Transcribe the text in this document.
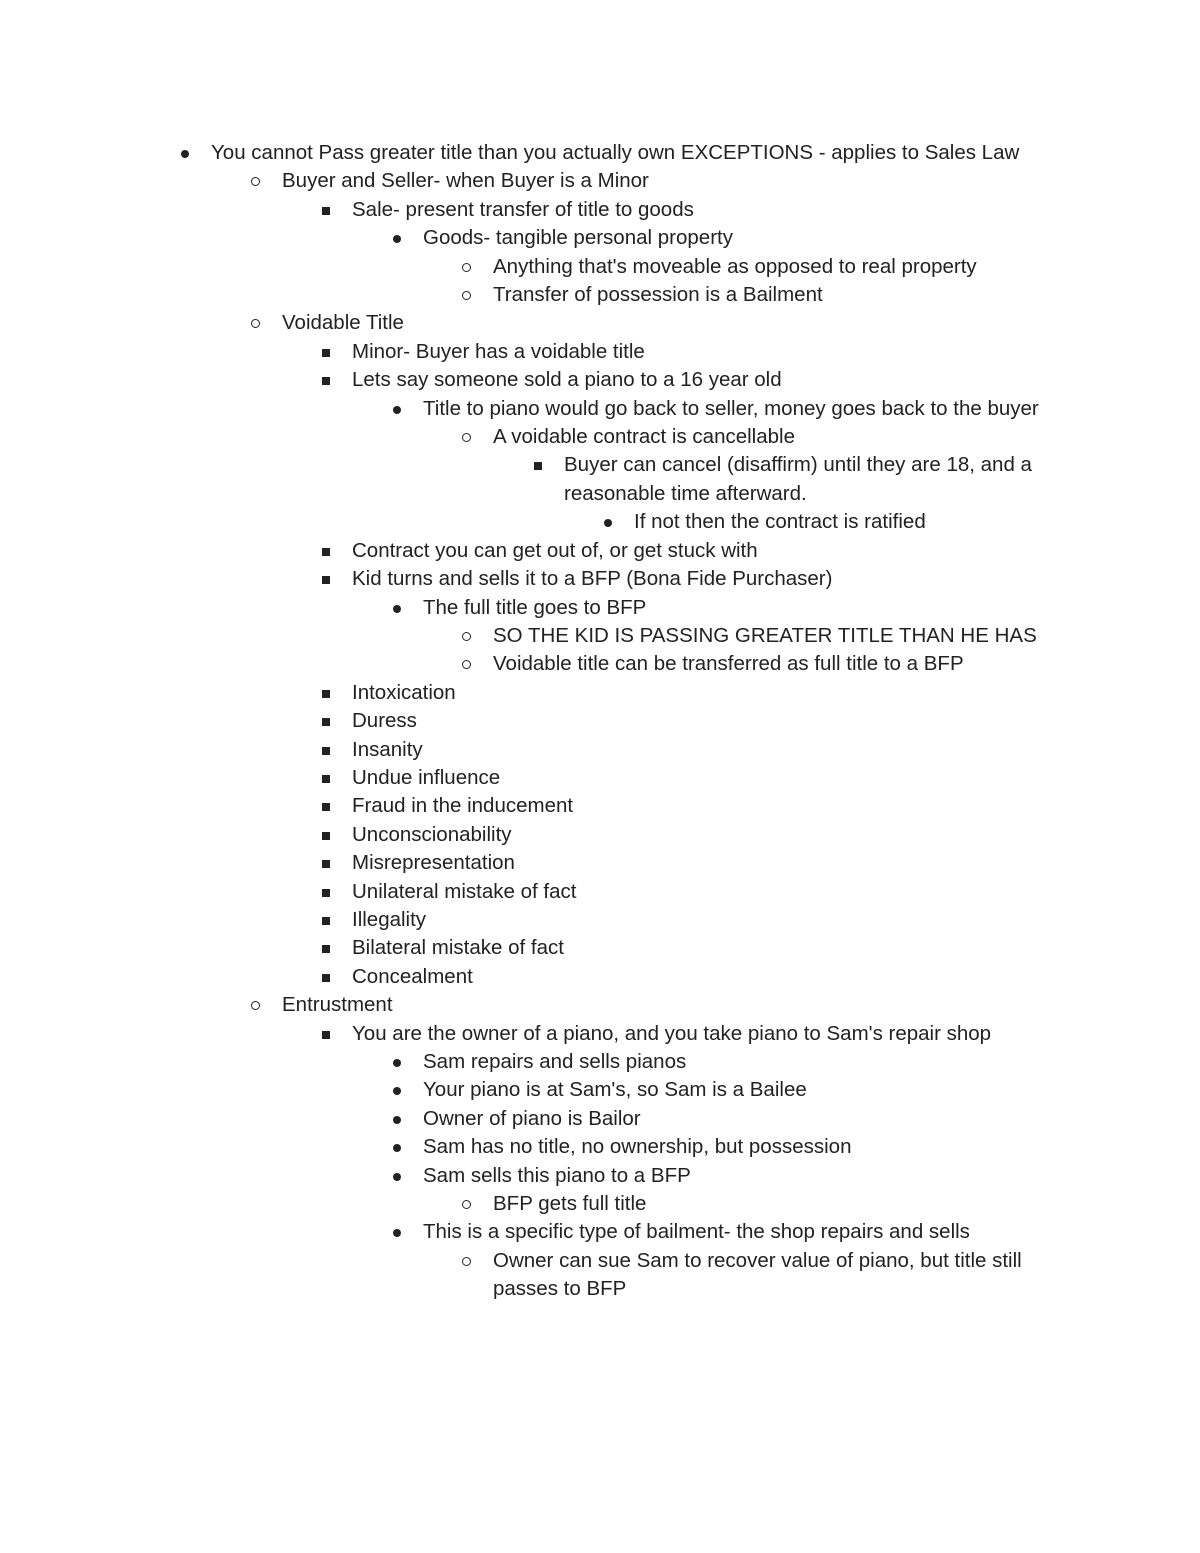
You cannot Pass greater title than you actually own EXCEPTIONS - applies to Sales Law
Buyer and Seller- when Buyer is a Minor
Sale- present transfer of title to goods
Goods- tangible personal property
Anything that's moveable as opposed to real property
Transfer of possession is a Bailment
Voidable Title
Minor- Buyer has a voidable title
Lets say someone sold a piano to a 16 year old
Title to piano would go back to seller, money goes back to the buyer
A voidable contract is cancellable
Buyer can cancel (disaffirm) until they are 18, and a reasonable time afterward.
If not then the contract is ratified
Contract you can get out of, or get stuck with
Kid turns and sells it to a BFP (Bona Fide Purchaser)
The full title goes to BFP
SO THE KID IS PASSING GREATER TITLE THAN HE HAS
Voidable title can be transferred as full title to a BFP
Intoxication
Duress
Insanity
Undue influence
Fraud in the inducement
Unconscionability
Misrepresentation
Unilateral mistake of fact
Illegality
Bilateral mistake of fact
Concealment
Entrustment
You are the owner of a piano, and you take piano to Sam's repair shop
Sam repairs and sells pianos
Your piano is at Sam's, so Sam is a Bailee
Owner of piano is Bailor
Sam has no title, no ownership, but possession
Sam sells this piano to a BFP
BFP gets full title
This is a specific type of bailment- the shop repairs and sells
Owner can sue Sam to recover value of piano, but title still passes to BFP
